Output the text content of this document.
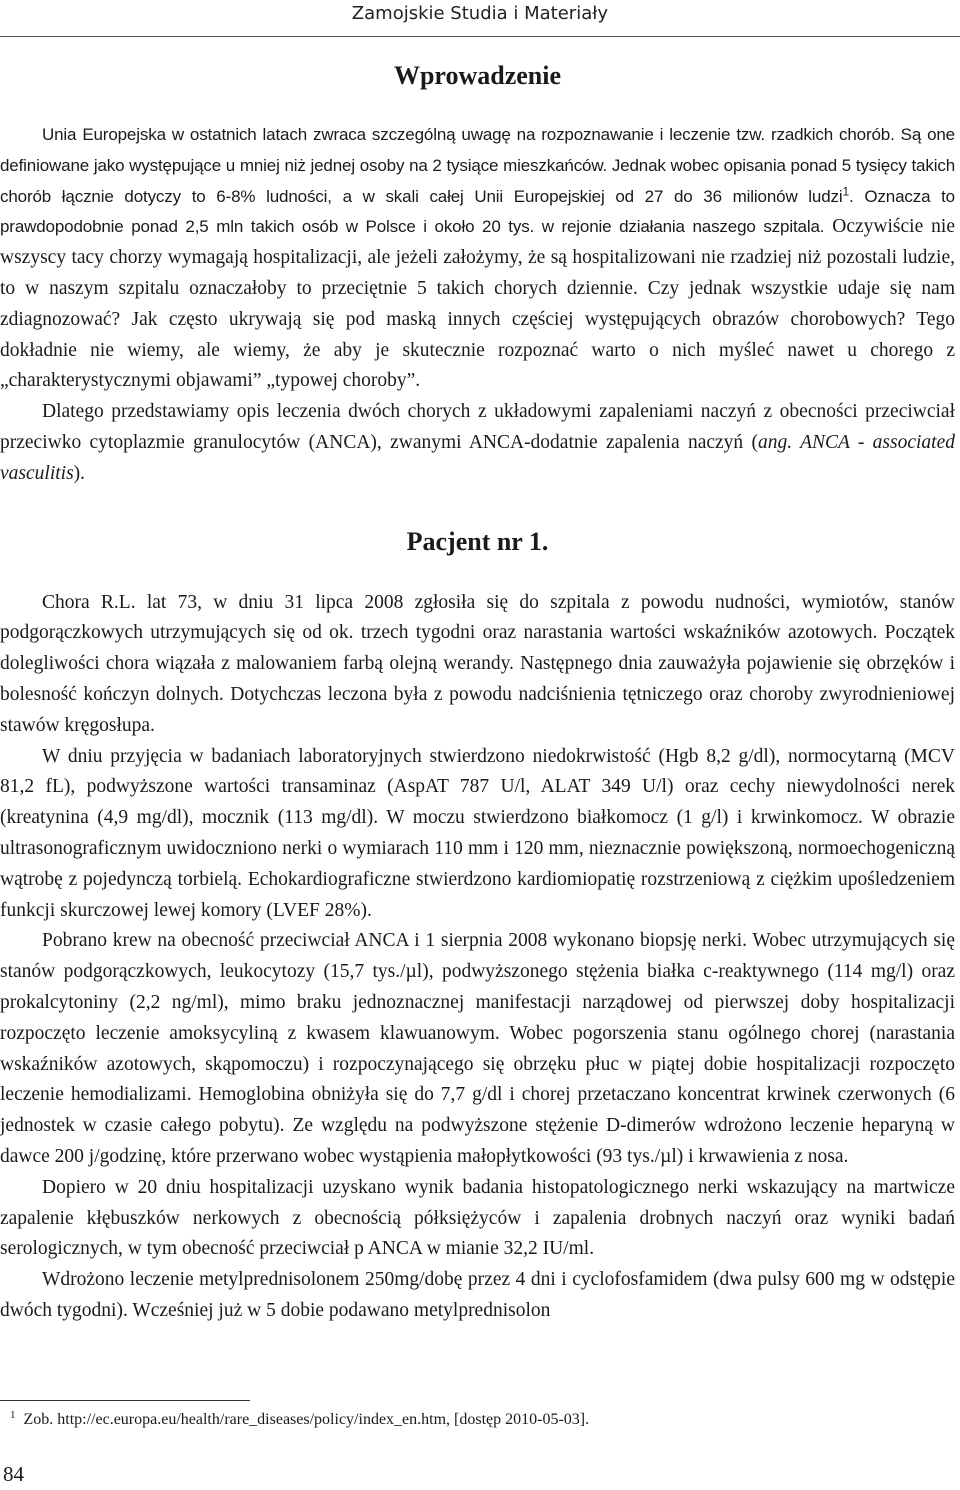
Zamojskie Studia i Materiały
Wprowadzenie

Unia Europejska w ostatnich latach zwraca szczególną uwagę na rozpoznawanie i leczenie tzw. rzadkich chorób. Są one definiowane jako występujące u mniej niż jednej osoby na 2 tysiące mieszkańców. Jednak wobec opisania ponad 5 tysięcy takich chorób łącznie dotyczy to 6-8% ludności, a w skali całej Unii Europejskiej od 27 do 36 milionów ludzi$^1$. Oznacza to prawdopodobnie ponad 2,5 mln takich osób w Polsce i około 20 tys. w rejonie działania naszego szpitala. Oczywiście nie wszyscy tacy chorzy wymagają hospitalizacji, ale jeżeli założymy, że są hospitalizowani nie rzadziej niż pozostali ludzie, to w naszym szpitalu oznaczałoby to przeciętnie 5 takich chorych dziennie. Czy jednak wszystkie udaje się nam zdiagnozować? Jak często ukrywają się pod maską innych częściej występujących obrazów chorobowych? Tego dokładnie nie wiemy, ale wiemy, że aby je skutecznie rozpoznać warto o nich myśleć nawet u chorego z „charakterystycznymi objawami” „typowej choroby”.

Dlatego przedstawiamy opis leczenia dwóch chorych z układowymi zapaleniami naczyń z obecności przeciwciał przeciwko cytoplazmie granulocytów (ANCA), zwanymi ANCA-dodatnie zapalenia naczyń (ang. ANCA - associated vasculitis).

Pacjent nr 1.

Chora R.L. lat 73, w dniu 31 lipca 2008 zgłosiła się do szpitala z powodu nudności, wymiotów, stanów podgorączkowych utrzymujących się od ok. trzech tygodni oraz narastania wartości wskaźników azotowych. Początek dolegliwości chora wiązała z malowaniem farbą olejną werandy. Następnego dnia zauważyła pojawienie się obrzęków i bolesność kończyn dolnych. Dotychczas leczona była z powodu nadciśnienia tętniczego oraz choroby zwyrodnieniowej stawów kręgosłupa.

W dniu przyjęcia w badaniach laboratoryjnych stwierdzono niedokrwistość (Hgb 8,2 g/dl), normocytarną (MCV 81,2 fL), podwyższone wartości transaminaz (AspAT 787 U/l, ALAT 349 U/l) oraz cechy niewydolności nerek (kreatynina (4,9 mg/dl), mocznik (113 mg/dl). W moczu stwierdzono białkomocz (1 g/l) i krwinkomocz. W obrazie ultrasonograficznym uwidoczniono nerki o wymiarach 110 mm i 120 mm, nieznacznie powiększoną, normoechogeniczną wątrobę z pojedynczą torbielą. Echokardiograficzne stwierdzono kardiomiopatię rozstrzeniową z ciężkim upośledzeniem funkcji skurczowej lewej komory (LVEF 28%).

Pobrano krew na obecność przeciwciał ANCA i 1 sierpnia 2008 wykonano biopsję nerki. Wobec utrzymujących się stanów podgorączkowych, leukocytozy (15,7 tys./µl), podwyższonego stężenia białka c-reaktywnego (114 mg/l) oraz prokalcytoniny (2,2 ng/ml), mimo braku jednoznacznej manifestacji narządowej od pierwszej doby hospitalizacji rozpoczęto leczenie amoksycyliną z kwasem klawuanowym. Wobec pogorszenia stanu ogólnego chorej (narastania wskaźników azotowych, skąpomoczu) i rozpoczynającego się obrzęku płuc w piątej dobie hospitalizacji rozpoczęto leczenie hemodializami. Hemoglobina obniżyła się do 7,7 g/dl i chorej przetaczano koncentrat krwinek czerwonych (6 jednostek w czasie całego pobytu). Ze względu na podwyższone stężenie D-dimerów wdrożono leczenie heparyną w dawce 200 j/godzinę, które przerwano wobec wystąpienia małopłytkowości (93 tys./µl) i krwawienia z nosa.

Dopiero w 20 dniu hospitalizacji uzyskano wynik badania histopatologicznego nerki wskazujący na martwicze zapalenie kłębuszków nerkowych z obecnością półksiężyców i zapalenia drobnych naczyń oraz wyniki badań serologicznych, w tym obecność przeciwciał p ANCA w mianie 32,2 IU/ml.

Wdrożono leczenie metylprednisolonem 250mg/dobę przez 4 dni i cyclofosfamidem (dwa pulsy 600 mg w odstępie dwóch tygodni). Wcześniej już w 5 dobie podawano metylprednisolon

$^1$ Zob. http://ec.europa.eu/health/rare_diseases/policy/index_en.htm, [dostęp 2010-05-03].
84
